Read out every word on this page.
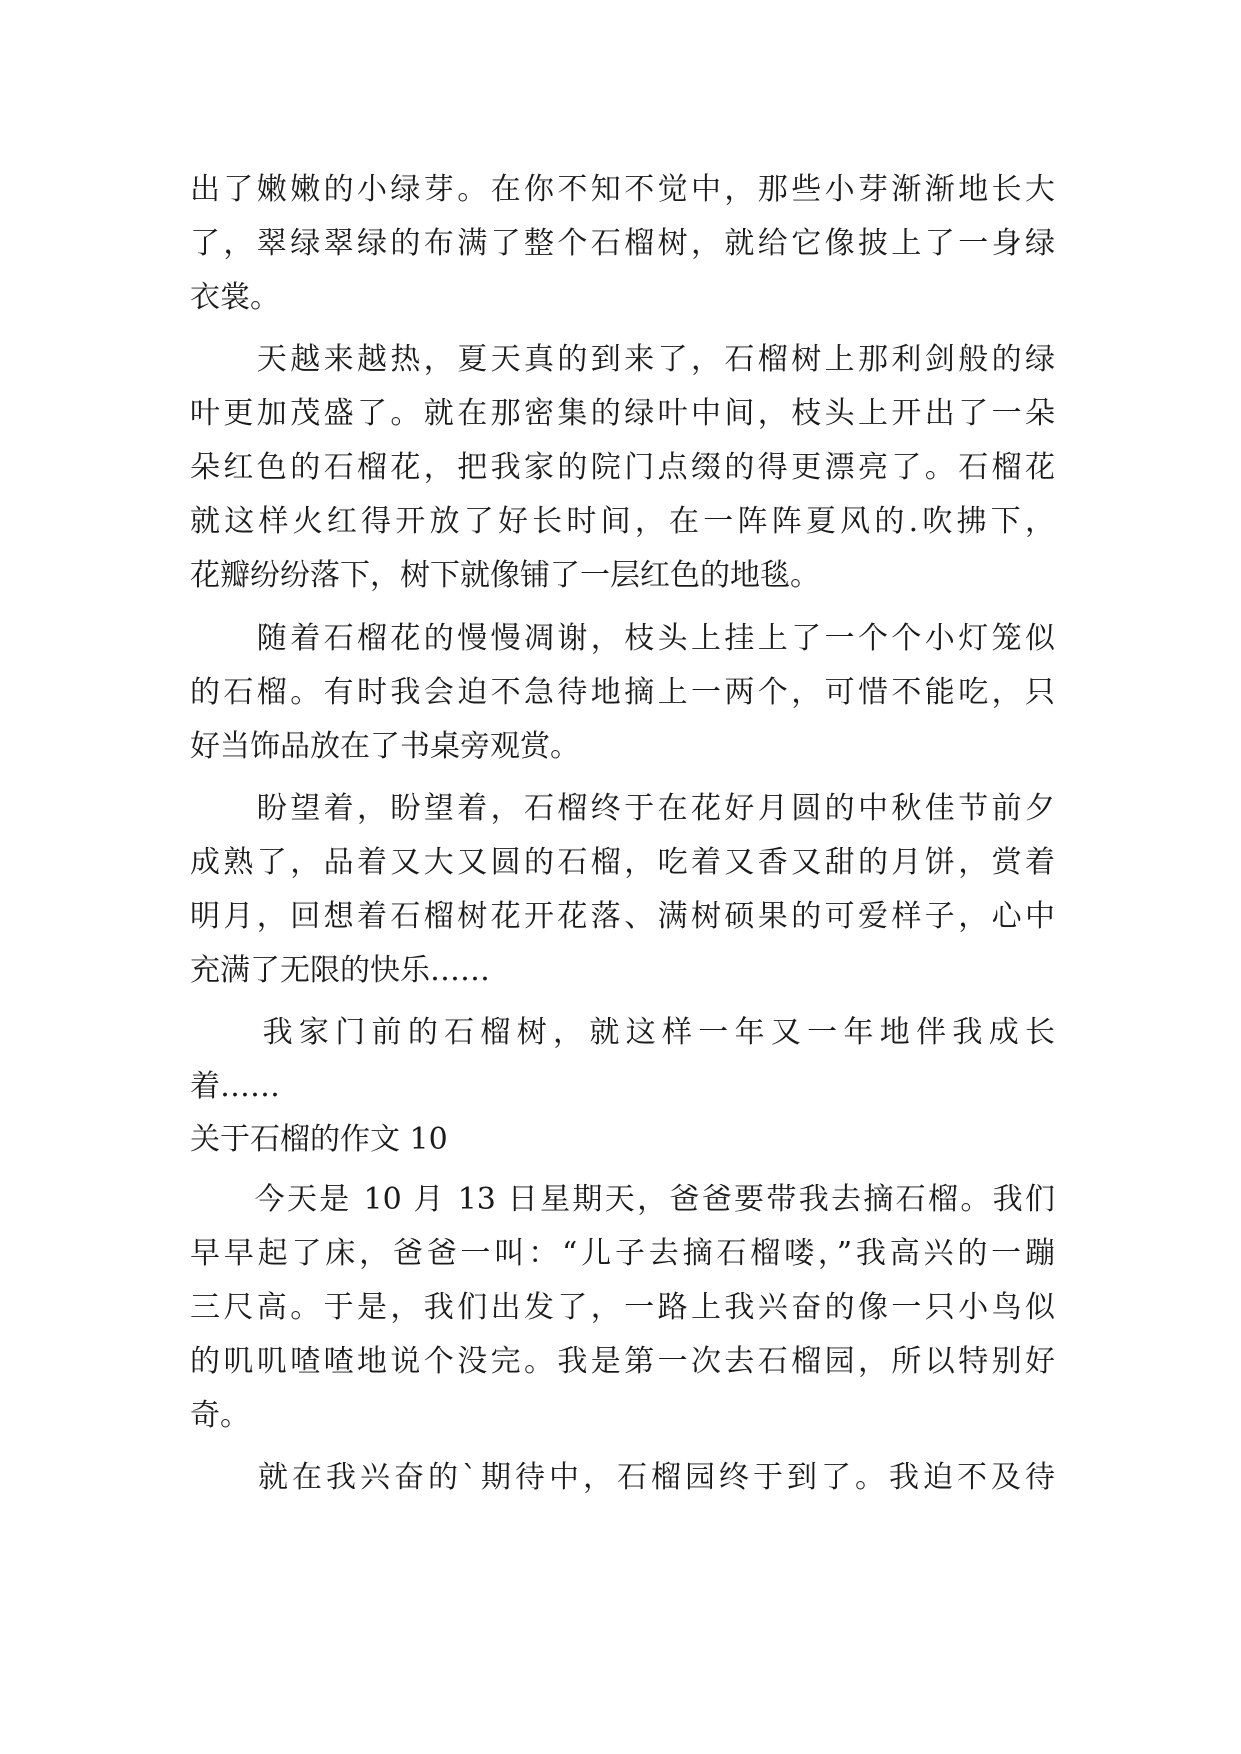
出了嫩嫩的小绿芽。在你不知不觉中，那些小芽渐渐地长大
了，翠绿翠绿的布满了整个石榴树，就给它像披上了一身绿
衣裳。
　　天越来越热，夏天真的到来了，石榴树上那利剑般的绿
叶更加茂盛了。就在那密集的绿叶中间，枝头上开出了一朵
朵红色的石榴花，把我家的院门点缀的得更漂亮了。石榴花
就这样火红得开放了好长时间，在一阵阵夏风的.吹拂下，
花瓣纷纷落下，树下就像铺了一层红色的地毯。
　　随着石榴花的慢慢凋谢，枝头上挂上了一个个小灯笼似
的石榴。有时我会迫不急待地摘上一两个，可惜不能吃，只
好当饰品放在了书桌旁观赏。
　　盼望着，盼望着，石榴终于在花好月圆的中秋佳节前夕
成熟了，品着又大又圆的石榴，吃着又香又甜的月饼，赏着
明月，回想着石榴树花开花落、满树硕果的可爱样子，心中
充满了无限的快乐……
　　我家门前的石榴树，就这样一年又一年地伴我成长
着……
关于石榴的作文 10
　　今天是 10 月 13 日星期天，爸爸要带我去摘石榴。我们
早早起了床，爸爸一叫：“儿子去摘石榴喽，”我高兴的一蹦
三尺高。于是，我们出发了，一路上我兴奋的像一只小鸟似
的叽叽喳喳地说个没完。我是第一次去石榴园，所以特别好
奇。
　　就在我兴奋的`期待中，石榴园终于到了。我迫不及待
